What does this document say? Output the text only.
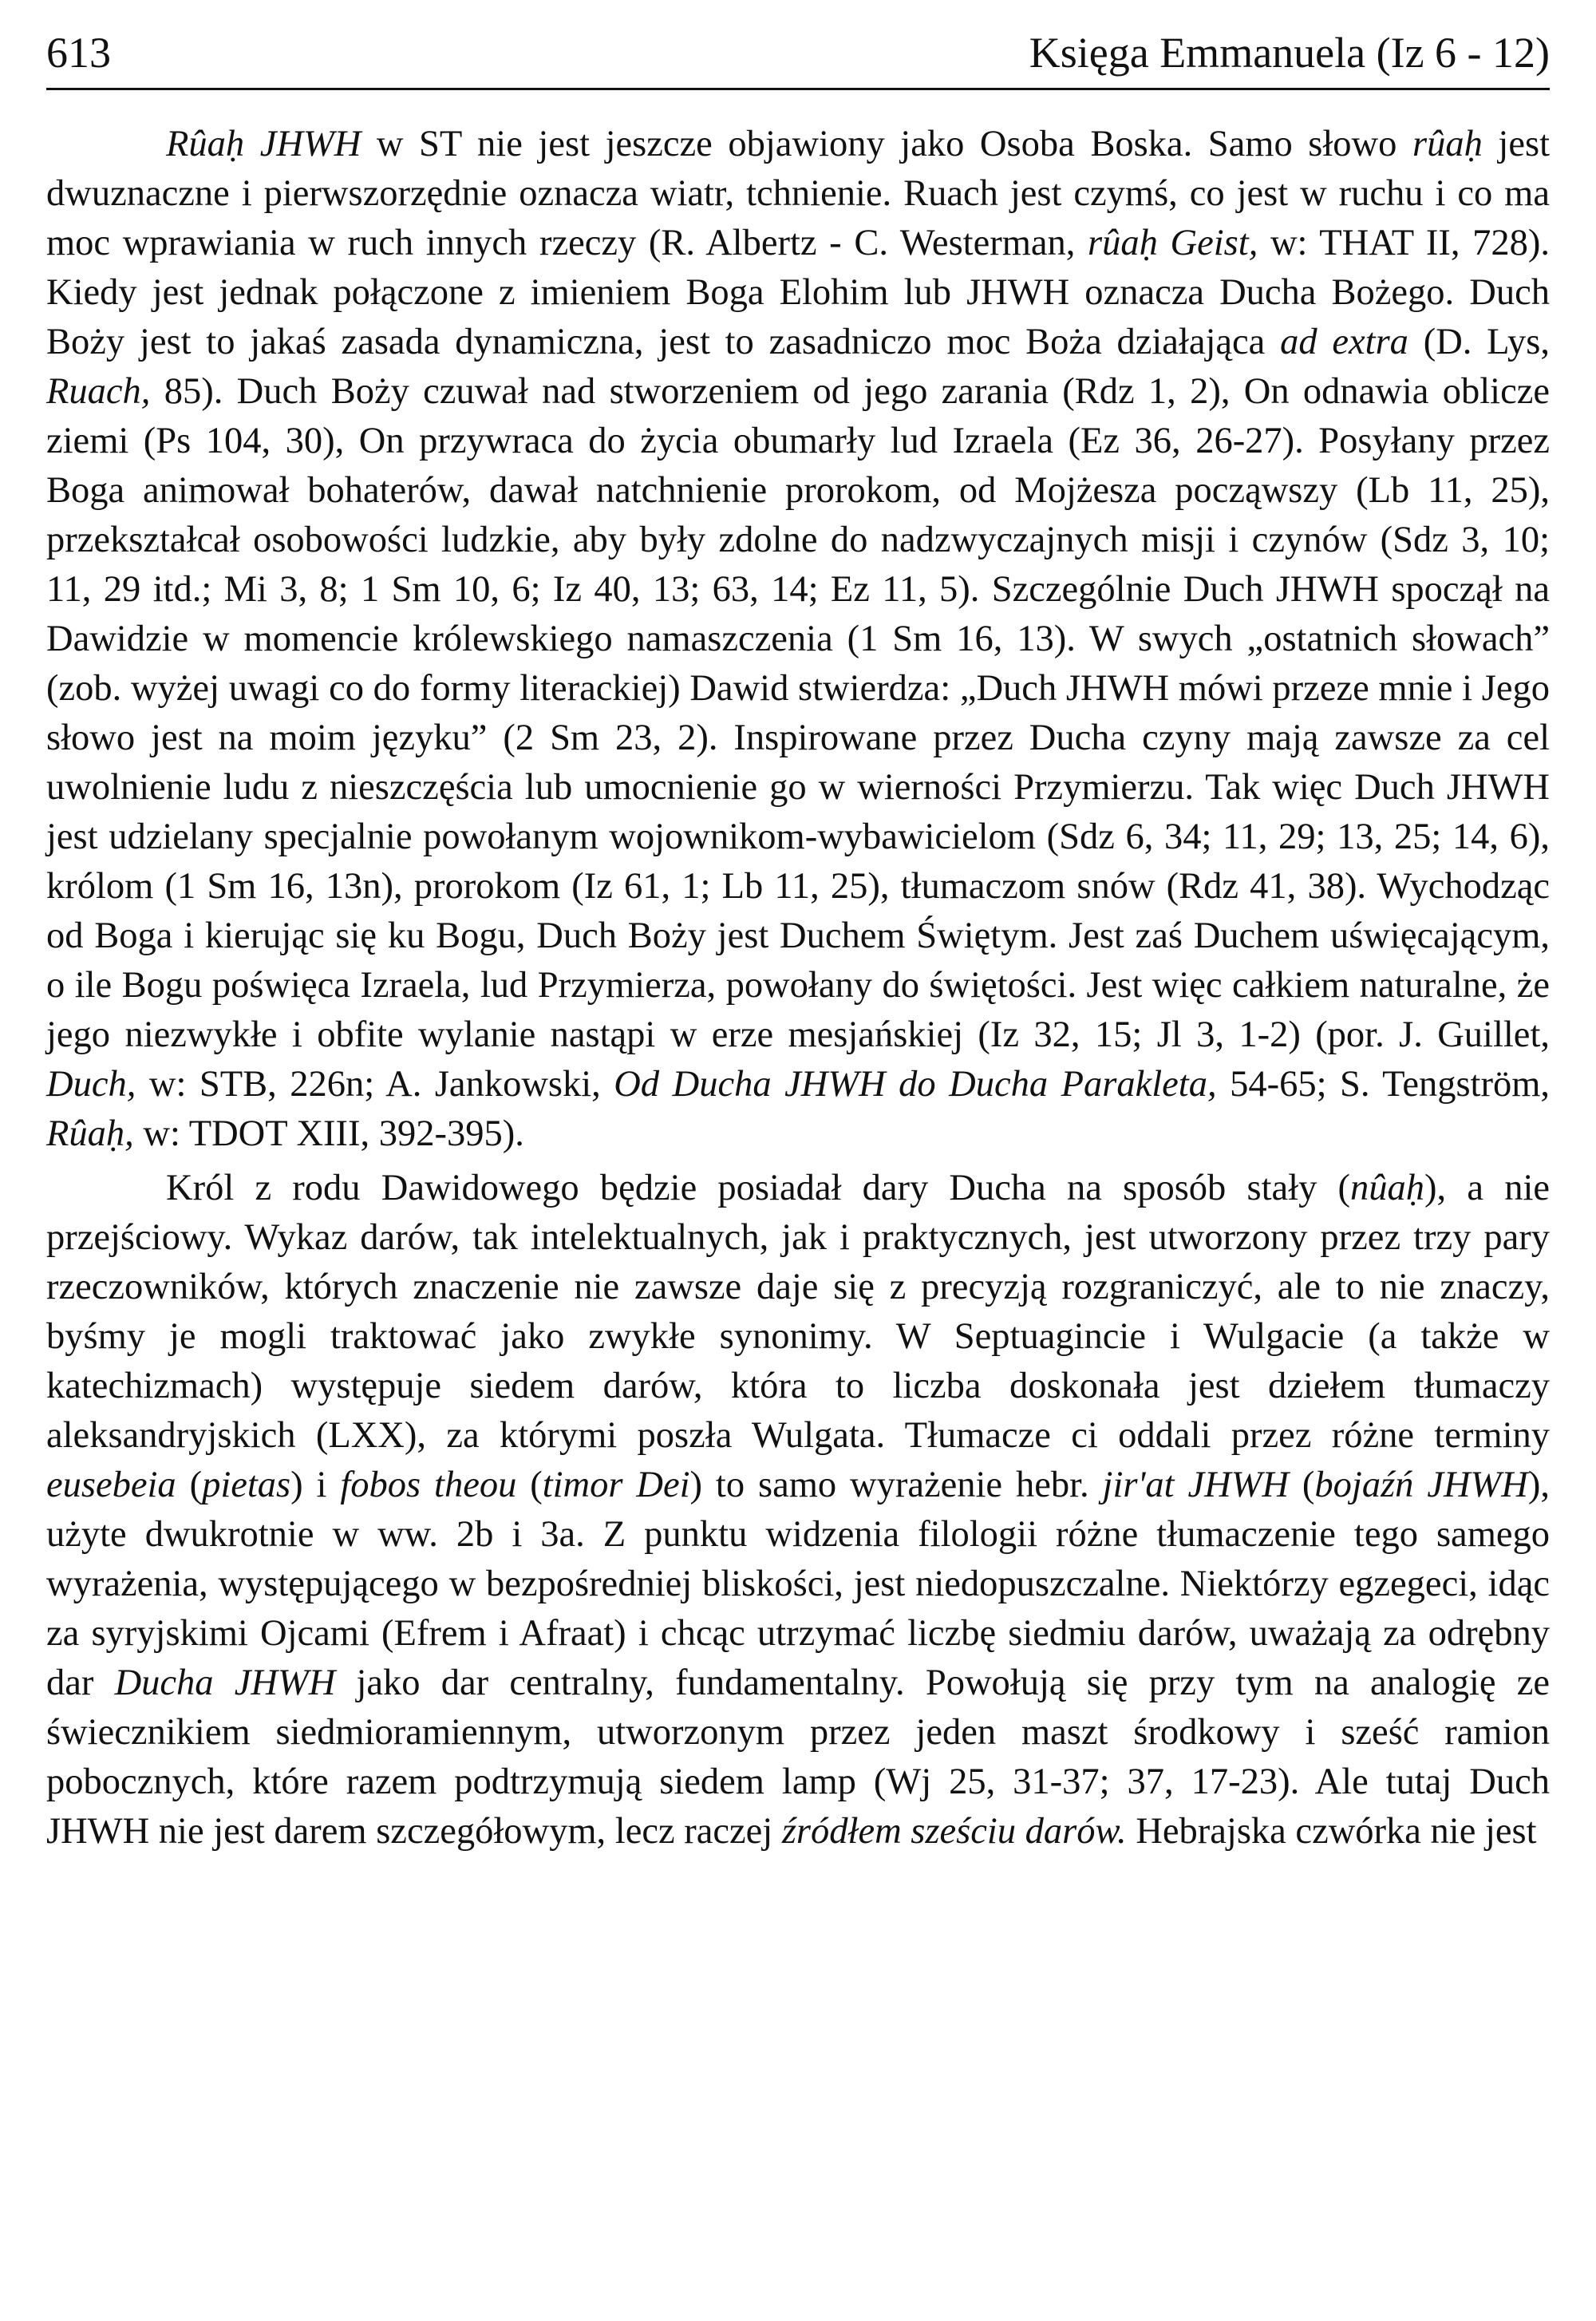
613	Księga Emmanuela (Iz 6 - 12)

Rûaḥ JHWH w ST nie jest jeszcze objawiony jako Osoba Boska. Samo słowo rûaḥ jest dwuznaczne i pierwszorzędnie oznacza wiatr, tchnienie. Ruach jest czymś, co jest w ruchu i co ma moc wprawiania w ruch innych rzeczy (R. Albertz - C. Westerman, rûaḥ Geist, w: THAT II, 728). Kiedy jest jednak połączone z imieniem Boga Elohim lub JHWH oznacza Ducha Bożego. Duch Boży jest to jakaś zasada dynamiczna, jest to zasadniczo moc Boża działająca ad extra (D. Lys, Ruach, 85). Duch Boży czuwał nad stworzeniem od jego zarania (Rdz 1, 2), On odnawia oblicze ziemi (Ps 104, 30), On przywraca do życia obumarły lud Izraela (Ez 36, 26-27). Posyłany przez Boga animował bohaterów, dawał natchnienie prorokom, od Mojżesza począwszy (Lb 11, 25), przekształcał osobowości ludzkie, aby były zdolne do nadzwyczajnych misji i czynów (Sdz 3, 10; 11, 29 itd.; Mi 3, 8; 1 Sm 10, 6; Iz 40, 13; 63, 14; Ez 11, 5). Szczególnie Duch JHWH spoczął na Dawidzie w momencie królewskiego namaszczenia (1 Sm 16, 13). W swych „ostatnich słowach” (zob. wyżej uwagi co do formy literackiej) Dawid stwierdza: „Duch JHWH mówi przeze mnie i Jego słowo jest na moim języku” (2 Sm 23, 2). Inspirowane przez Ducha czyny mają zawsze za cel uwolnienie ludu z nieszczęścia lub umocnienie go w wierności Przymierzu. Tak więc Duch JHWH jest udzielany specjalnie powołanym wojownikom-wybawicielom (Sdz 6, 34; 11, 29; 13, 25; 14, 6), królom (1 Sm 16, 13n), prorokom (Iz 61, 1; Lb 11, 25), tłumaczom snów (Rdz 41, 38). Wychodząc od Boga i kierując się ku Bogu, Duch Boży jest Duchem Świętym. Jest zaś Duchem uświęcającym, o ile Bogu poświęca Izraela, lud Przymierza, powołany do świętości. Jest więc całkiem naturalne, że jego niezwykłe i obfite wylanie nastąpi w erze mesjańskiej (Iz 32, 15; Jl 3, 1-2) (por. J. Guillet, Duch, w: STB, 226n; A. Jankowski, Od Ducha JHWH do Ducha Parakleta, 54-65; S. Tengström, Rûaḥ, w: TDOT XIII, 392-395).

Król z rodu Dawidowego będzie posiadał dary Ducha na sposób stały (nûaḥ), a nie przejściowy. Wykaz darów, tak intelektualnych, jak i praktycznych, jest utworzony przez trzy pary rzeczowników, których znaczenie nie zawsze daje się z precyzją rozgraniczyć, ale to nie znaczy, byśmy je mogli traktować jako zwykłe synonimy. W Septuagincie i Wulgacie (a także w katechizmach) występuje siedem darów, która to liczba doskonała jest dziełem tłumaczy aleksandryjskich (LXX), za którymi poszła Wulgata. Tłumacze ci oddali przez różne terminy eusebeia (pietas) i fobos theou (timor Dei) to samo wyrażenie hebr. jir'at JHWH (bojaźń JHWH), użyte dwukrotnie w ww. 2b i 3a. Z punktu widzenia filologii różne tłumaczenie tego samego wyrażenia, występującego w bezpośredniej bliskości, jest niedopuszczalne. Niektórzy egzegeci, idąc za syryjskimi Ojcami (Efrem i Afraat) i chcąc utrzymać liczbę siedmiu darów, uważają za odrębny dar Ducha JHWH jako dar centralny, fundamentalny. Powołują się przy tym na analogię ze świecznikiem siedmioramiennym, utworzonym przez jeden maszt środkowy i sześć ramion pobocznych, które razem podtrzymują siedem lamp (Wj 25, 31-37; 37, 17-23). Ale tutaj Duch JHWH nie jest darem szczegółowym, lecz raczej źródłem sześciu darów. Hebrajska czwórka nie jest
